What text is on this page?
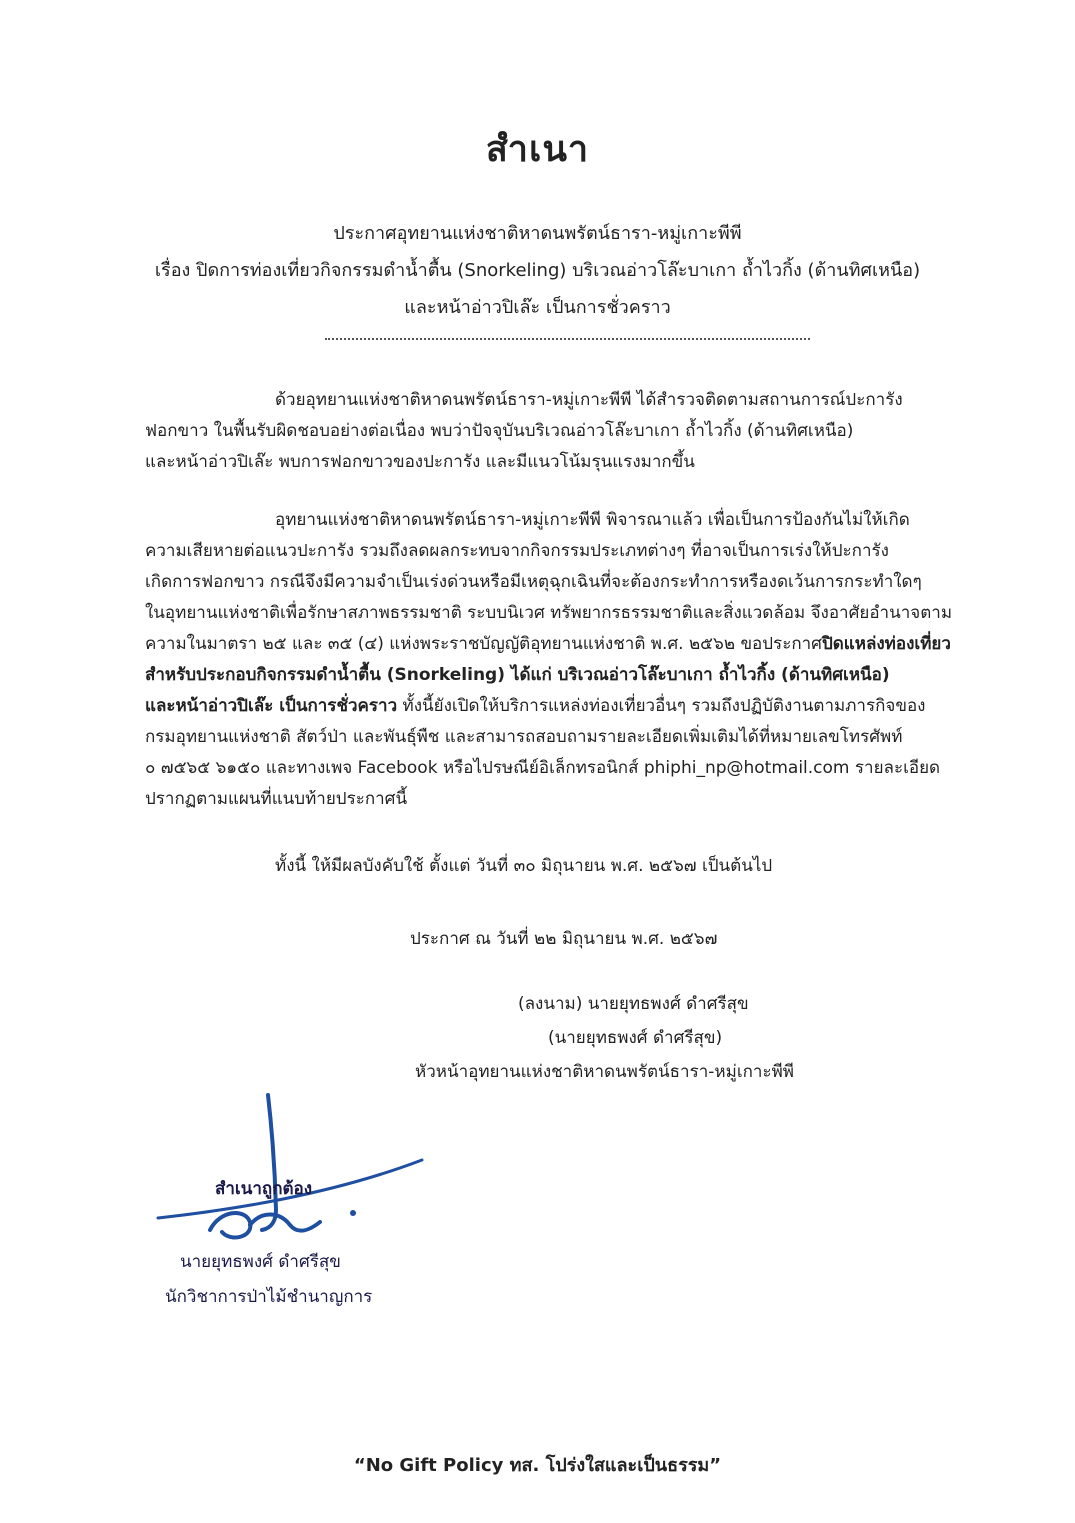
สำเนา
ประกาศอุทยานแห่งชาติหาดนพรัตน์ธารา-หมู่เกาะพีพี
เรื่อง ปิดการท่องเที่ยวกิจกรรมดำน้ำตื้น (Snorkeling) บริเวณอ่าวโล๊ะบาเกา ถ้ำไวกิ้ง (ด้านทิศเหนือ)
และหน้าอ่าวปิเล๊ะ เป็นการชั่วคราว
ด้วยอุทยานแห่งชาติหาดนพรัตน์ธารา-หมู่เกาะพีพี ได้สำรวจติดตามสถานการณ์ปะการัง
ฟอกขาว ในพื้นรับผิดชอบอย่างต่อเนื่อง พบว่าปัจจุบันบริเวณอ่าวโล๊ะบาเกา ถ้ำไวกิ้ง (ด้านทิศเหนือ)
และหน้าอ่าวปิเล๊ะ พบการฟอกขาวของปะการัง และมีแนวโน้มรุนแรงมากขึ้น
อุทยานแห่งชาติหาดนพรัตน์ธารา-หมู่เกาะพีพี พิจารณาแล้ว เพื่อเป็นการป้องกันไม่ให้เกิด
ความเสียหายต่อแนวปะการัง รวมถึงลดผลกระทบจากกิจกรรมประเภทต่างๆ ที่อาจเป็นการเร่งให้ปะการัง
เกิดการฟอกขาว กรณีจึงมีความจำเป็นเร่งด่วนหรือมีเหตุฉุกเฉินที่จะต้องกระทำการหรืองดเว้นการกระทำใดๆ
ในอุทยานแห่งชาติเพื่อรักษาสภาพธรรมชาติ ระบบนิเวศ ทรัพยากรธรรมชาติและสิ่งแวดล้อม จึงอาศัยอำนาจตาม
ความในมาตรา ๒๕ และ ๓๕ (๔) แห่งพระราชบัญญัติอุทยานแห่งชาติ พ.ศ. ๒๕๖๒ ขอประกาศปิดแหล่งท่องเที่ยว
สำหรับประกอบกิจกรรมดำน้ำตื้น (Snorkeling) ได้แก่ บริเวณอ่าวโล๊ะบาเกา ถ้ำไวกิ้ง (ด้านทิศเหนือ)
และหน้าอ่าวปิเล๊ะ เป็นการชั่วคราว ทั้งนี้ยังเปิดให้บริการแหล่งท่องเที่ยวอื่นๆ รวมถึงปฏิบัติงานตามภารกิจของ
กรมอุทยานแห่งชาติ สัตว์ป่า และพันธุ์พืช และสามารถสอบถามรายละเอียดเพิ่มเติมได้ที่หมายเลขโทรศัพท์
๐ ๗๕๖๕ ๖๑๕๐ และทางเพจ Facebook หรือไปรษณีย์อิเล็กทรอนิกส์ phiphi_np@hotmail.com รายละเอียด
ปรากฏตามแผนที่แนบท้ายประกาศนี้
ทั้งนี้ ให้มีผลบังคับใช้ ตั้งแต่ วันที่ ๓๐ มิถุนายน พ.ศ. ๒๕๖๗ เป็นต้นไป
ประกาศ ณ วันที่ ๒๒ มิถุนายน พ.ศ. ๒๕๖๗
(ลงนาม) นายยุทธพงศ์ ดำศรีสุข
(นายยุทธพงศ์ ดำศรีสุข)
หัวหน้าอุทยานแห่งชาติหาดนพรัตน์ธารา-หมู่เกาะพีพี
สำเนาถูกต้อง
นายยุทธพงศ์ ดำศรีสุข
นักวิชาการป่าไม้ชำนาญการ
“No Gift Policy ทส. โปร่งใสและเป็นธรรม”
